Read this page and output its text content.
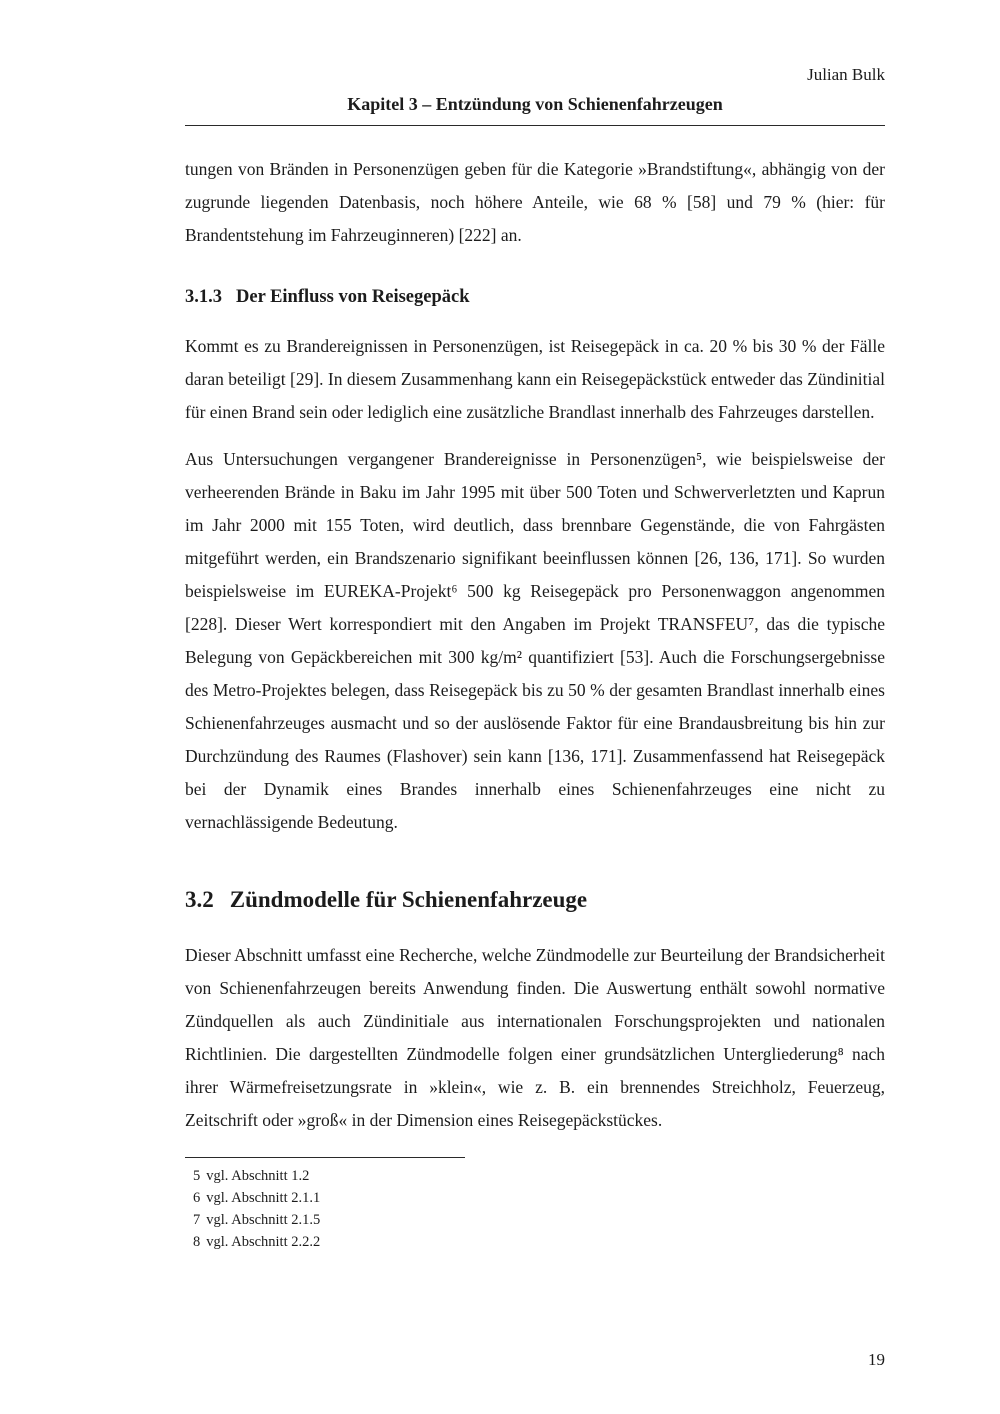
Julian Bulk
Kapitel 3 – Entzündung von Schienenfahrzeugen

tungen von Bränden in Personenzügen geben für die Kategorie »Brandstiftung«, abhängig von der zugrunde liegenden Datenbasis, noch höhere Anteile, wie 68 % [58] und 79 % (hier: für Brandentstehung im Fahrzeuginneren) [222] an.

3.1.3 Der Einfluss von Reisegepäck

Kommt es zu Brandereignissen in Personenzügen, ist Reisegepäck in ca. 20 % bis 30 % der Fälle daran beteiligt [29]. In diesem Zusammenhang kann ein Reisegepäckstück entweder das Zündinitial für einen Brand sein oder lediglich eine zusätzliche Brandlast innerhalb des Fahrzeuges darstellen.

Aus Untersuchungen vergangener Brandereignisse in Personenzügen⁵, wie beispielsweise der verheerenden Brände in Baku im Jahr 1995 mit über 500 Toten und Schwerverletzten und Kaprun im Jahr 2000 mit 155 Toten, wird deutlich, dass brennbare Gegenstände, die von Fahrgästen mitgeführt werden, ein Brandszenario signifikant beeinflussen können [26, 136, 171]. So wurden beispielsweise im EUREKA-Projekt⁶ 500 kg Reisegepäck pro Personenwaggon angenommen [228]. Dieser Wert korrespondiert mit den Angaben im Projekt TRANSFEU⁷, das die typische Belegung von Gepäckbereichen mit 300 kg/m² quantifiziert [53]. Auch die Forschungsergebnisse des Metro-Projektes belegen, dass Reisegepäck bis zu 50 % der gesamten Brandlast innerhalb eines Schienenfahrzeuges ausmacht und so der auslösende Faktor für eine Brandausbreitung bis hin zur Durchzündung des Raumes (Flashover) sein kann [136, 171]. Zusammenfassend hat Reisegepäck bei der Dynamik eines Brandes innerhalb eines Schienenfahrzeuges eine nicht zu vernachlässigende Bedeutung.

3.2 Zündmodelle für Schienenfahrzeuge

Dieser Abschnitt umfasst eine Recherche, welche Zündmodelle zur Beurteilung der Brandsicherheit von Schienenfahrzeugen bereits Anwendung finden. Die Auswertung enthält sowohl normative Zündquellen als auch Zündinitiale aus internationalen Forschungsprojekten und nationalen Richtlinien. Die dargestellten Zündmodelle folgen einer grundsätzlichen Untergliederung⁸ nach ihrer Wärmefreisetzungsrate in »klein«, wie z. B. ein brennendes Streichholz, Feuerzeug, Zeitschrift oder »groß« in der Dimension eines Reisegepäckstückes.

5 vgl. Abschnitt 1.2
6 vgl. Abschnitt 2.1.1
7 vgl. Abschnitt 2.1.5
8 vgl. Abschnitt 2.2.2
19
